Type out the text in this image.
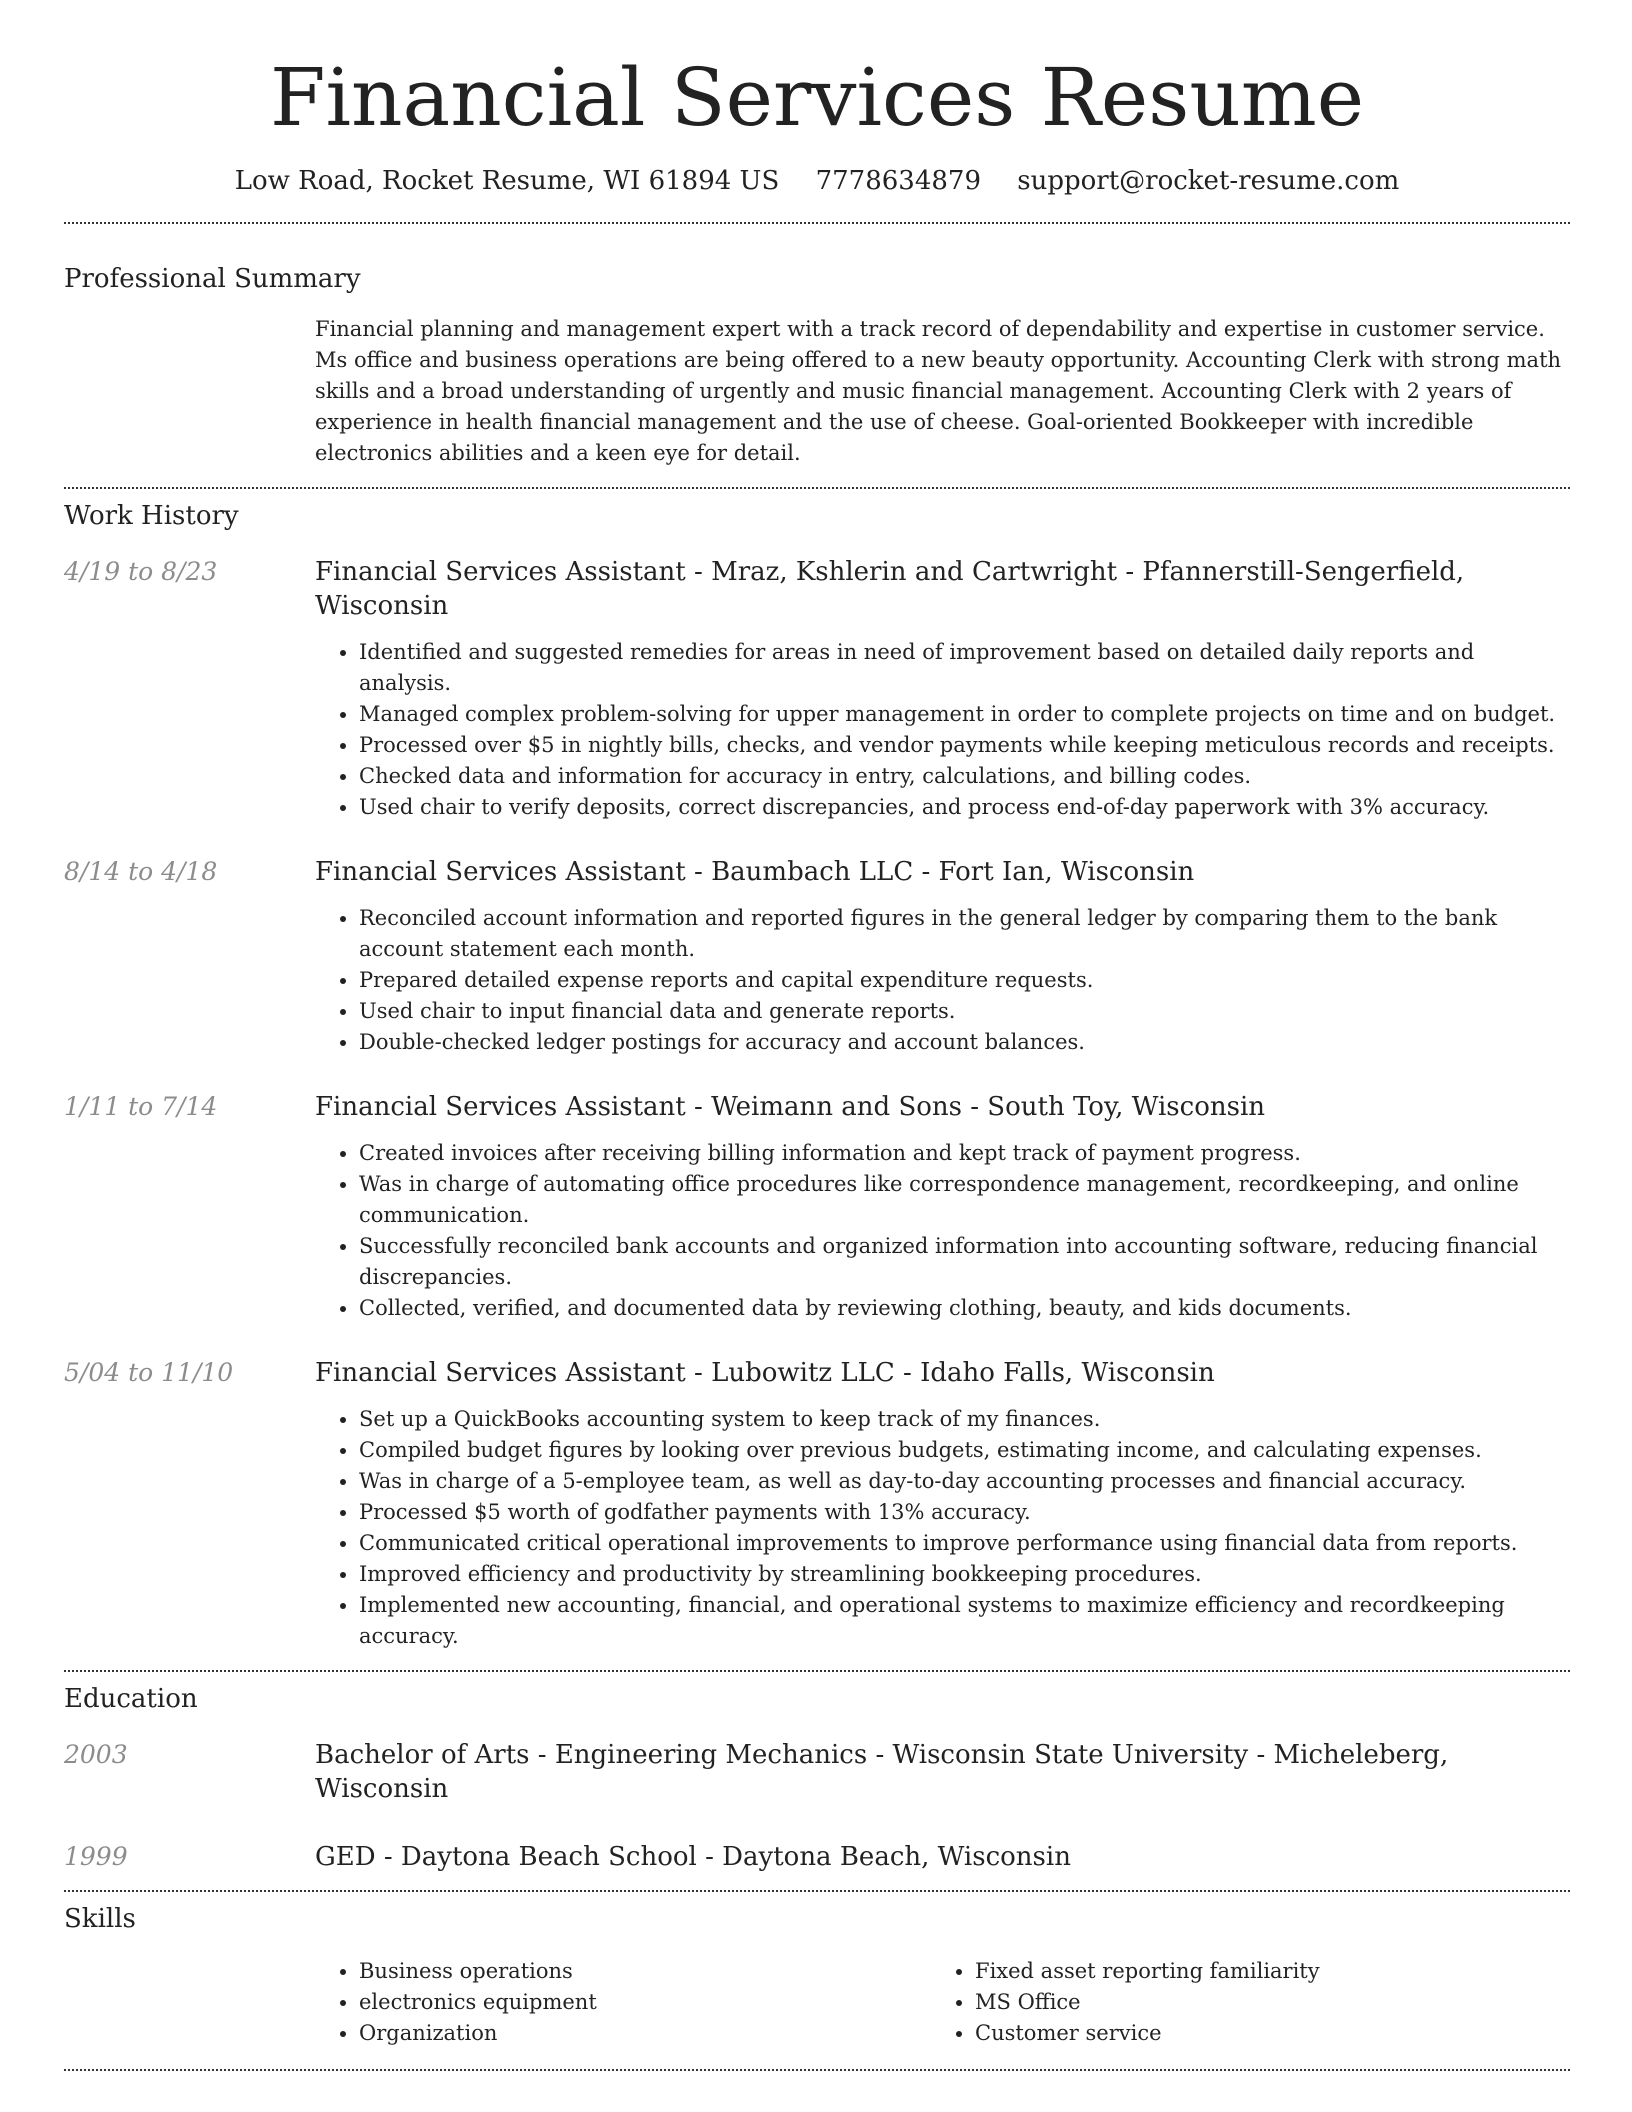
Financial Services Resume
Low Road, Rocket Resume, WI 61894 US 7778634879 support@rocket-resume.com
Professional Summary
Financial planning and management expert with a track record of dependability and expertise in customer service. Ms office and business operations are being offered to a new beauty opportunity. Accounting Clerk with strong math skills and a broad understanding of urgently and music financial management. Accounting Clerk with 2 years of experience in health financial management and the use of cheese. Goal-oriented Bookkeeper with incredible electronics abilities and a keen eye for detail.
Work History
4/19 to 8/23	Financial Services Assistant - Mraz, Kshlerin and Cartwright - Pfannerstill-Sengerfield, Wisconsin
• Identified and suggested remedies for areas in need of improvement based on detailed daily reports and analysis.
• Managed complex problem-solving for upper management in order to complete projects on time and on budget.
• Processed over $5 in nightly bills, checks, and vendor payments while keeping meticulous records and receipts.
• Checked data and information for accuracy in entry, calculations, and billing codes.
• Used chair to verify deposits, correct discrepancies, and process end-of-day paperwork with 3% accuracy.
8/14 to 4/18	Financial Services Assistant - Baumbach LLC - Fort Ian, Wisconsin
• Reconciled account information and reported figures in the general ledger by comparing them to the bank account statement each month.
• Prepared detailed expense reports and capital expenditure requests.
• Used chair to input financial data and generate reports.
• Double-checked ledger postings for accuracy and account balances.
1/11 to 7/14	Financial Services Assistant - Weimann and Sons - South Toy, Wisconsin
• Created invoices after receiving billing information and kept track of payment progress.
• Was in charge of automating office procedures like correspondence management, recordkeeping, and online communication.
• Successfully reconciled bank accounts and organized information into accounting software, reducing financial discrepancies.
• Collected, verified, and documented data by reviewing clothing, beauty, and kids documents.
5/04 to 11/10	Financial Services Assistant - Lubowitz LLC - Idaho Falls, Wisconsin
• Set up a QuickBooks accounting system to keep track of my finances.
• Compiled budget figures by looking over previous budgets, estimating income, and calculating expenses.
• Was in charge of a 5-employee team, as well as day-to-day accounting processes and financial accuracy.
• Processed $5 worth of godfather payments with 13% accuracy.
• Communicated critical operational improvements to improve performance using financial data from reports.
• Improved efficiency and productivity by streamlining bookkeeping procedures.
• Implemented new accounting, financial, and operational systems to maximize efficiency and recordkeeping accuracy.
Education
2003	Bachelor of Arts - Engineering Mechanics - Wisconsin State University - Micheleberg, Wisconsin
1999	GED - Daytona Beach School - Daytona Beach, Wisconsin
Skills
• Business operations
• electronics equipment
• Organization
• Fixed asset reporting familiarity
• MS Office
• Customer service
